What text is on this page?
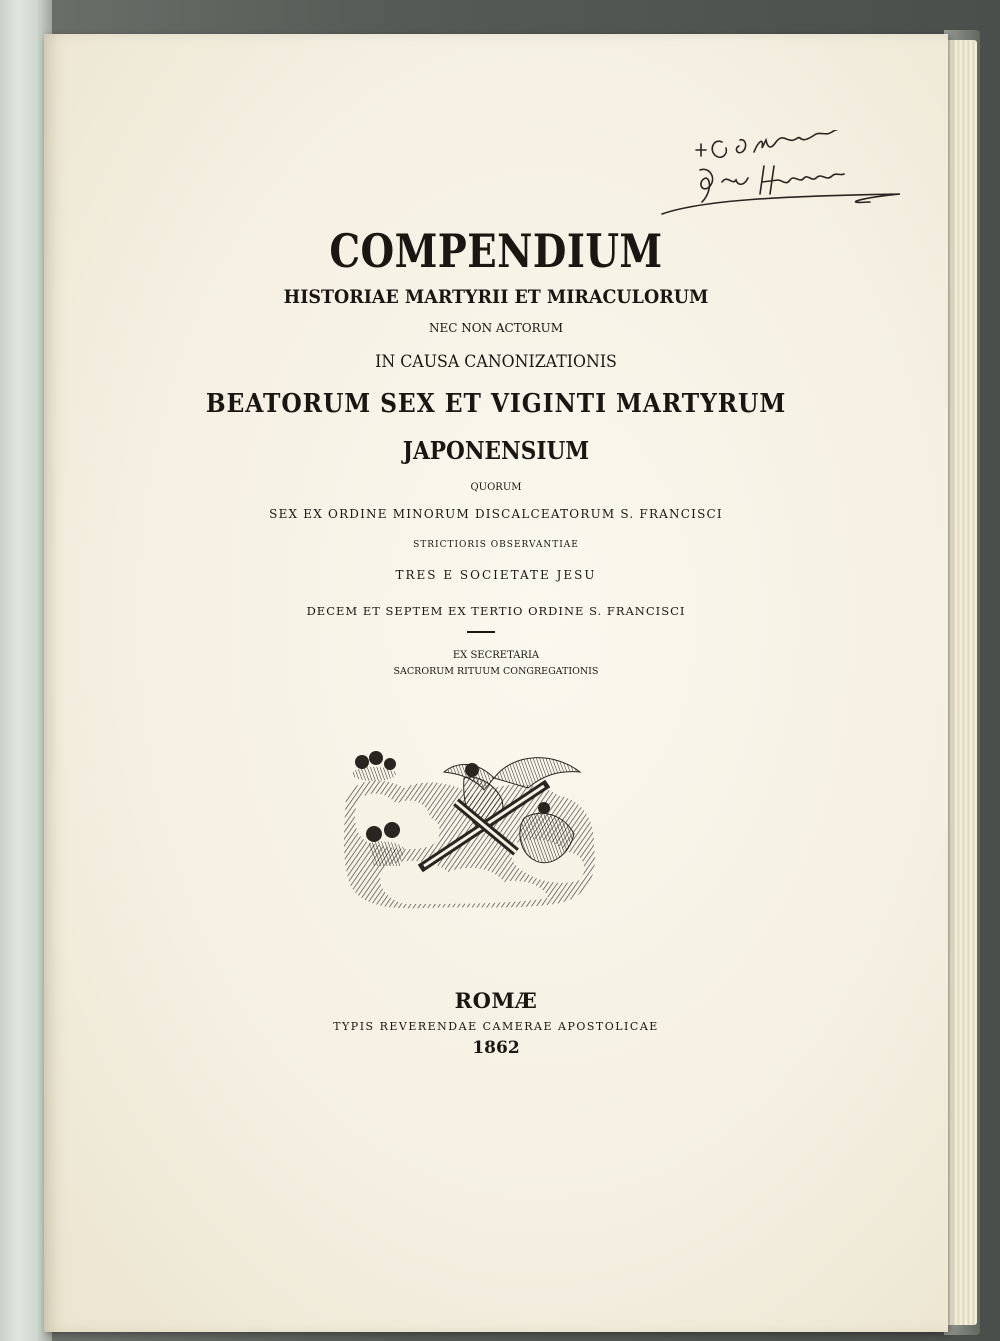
COMPENDIUM
HISTORIAE MARTYRII ET MIRACULORUM
NEC NON ACTORUM
IN CAUSA CANONIZATIONIS
BEATORUM SEX ET VIGINTI MARTYRUM
JAPONENSIUM
QUORUM
SEX EX ORDINE MINORUM DISCALCEATORUM S. FRANCISCI
STRICTIORIS OBSERVANTIAE
TRES E SOCIETATE JESU
DECEM ET SEPTEM EX TERTIO ORDINE S. FRANCISCI
EX SECRETARIA
SACRORUM RITUUM CONGREGATIONIS
ROMÆ
TYPIS REVERENDAE CAMERAE APOSTOLICAE
1862
